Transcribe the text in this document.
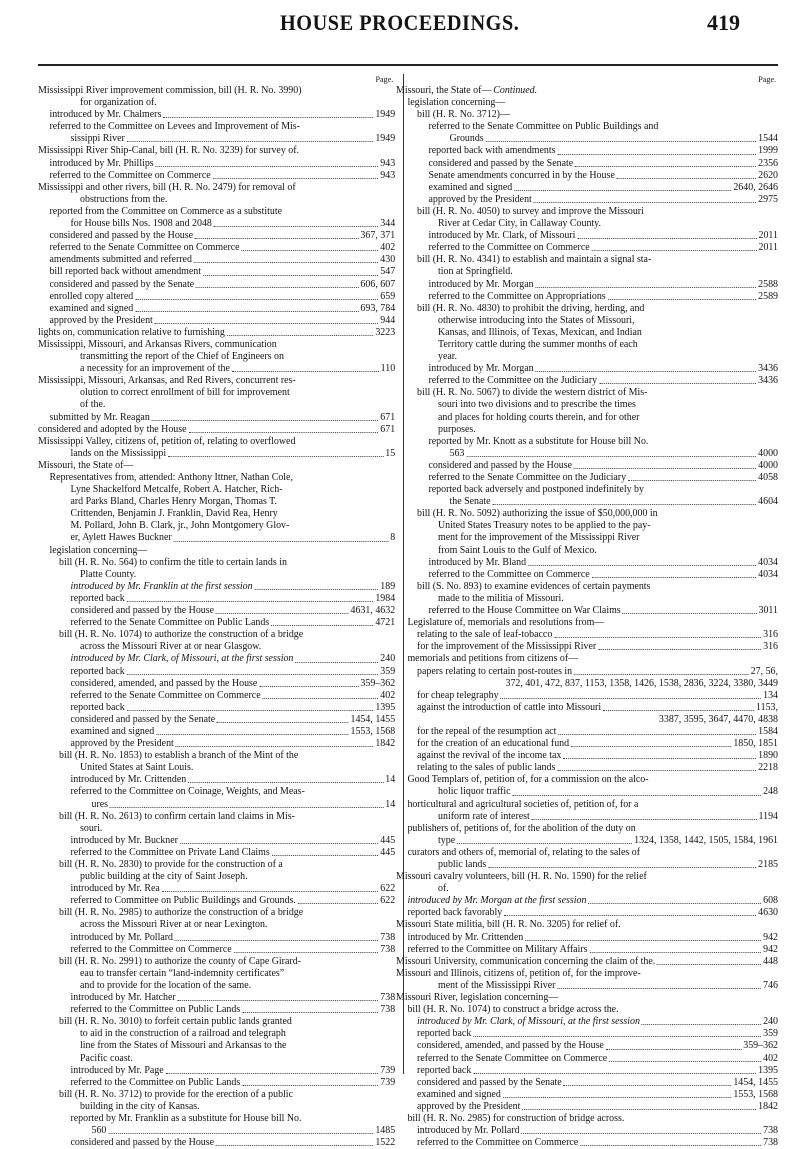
HOUSE PROCEEDINGS.	419
Page.
Mississippi River improvement commission, bill (H. R. No. 3990)
for organization of.
introduced by Mr. Chalmers	1949
referred to the Committee on Levees and Improvement of Mis-
sissippi River	1949
Mississippi River Ship-Canal, bill (H. R. No. 3239) for survey of.
introduced by Mr. Phillips	943
referred to the Committee on Commerce	943
Mississippi and other rivers, bill (H. R. No. 2479) for removal of
obstructions from the.
reported from the Committee on Commerce as a substitute
for House bills Nos. 1908 and 2048	344
considered and passed by the House	367, 371
referred to the Senate Committee on Commerce	402
amendments submitted and referred	430
bill reported back without amendment	547
considered and passed by the Senate	606, 607
enrolled copy altered	659
examined and signed	693, 784
approved by the President	944
lights on, communication relative to furnishing	3223
Mississippi, Missouri, and Arkansas Rivers, communication
transmitting the report of the Chief of Engineers on
a necessity for an improvement of the	110
Mississippi, Missouri, Arkansas, and Red Rivers, concurrent res-
olution to correct enrollment of bill for improvement
of the.
submitted by Mr. Reagan	671
considered and adopted by the House	671
Mississippi Valley, citizens of, petition of, relating to overflowed
lands on the Mississippi	15
Missouri, the State of—
Representatives from, attended: Anthony Ittner, Nathan Cole,
Lyne Shackelford Metcalfe, Robert A. Hatcher, Rich-
ard Parks Bland, Charles Henry Morgan, Thomas T.
Crittenden, Benjamin J. Franklin, David Rea, Henry
M. Pollard, John B. Clark, jr., John Montgomery Glov-
er, Aylett Hawes Buckner	8
legislation concerning—
bill (H. R. No. 564) to confirm the title to certain lands in
Platte County.
introduced by Mr. Franklin at the first session	189
reported back	1984
considered and passed by the House	4631, 4632
referred to the Senate Committee on Public Lands	4721
bill (H. R. No. 1074) to authorize the construction of a bridge
across the Missouri River at or near Glasgow.
introduced by Mr. Clark, of Missouri, at the first session	240
reported back	359
considered, amended, and passed by the House	359–362
referred to the Senate Committee on Commerce	402
reported back	1395
considered and passed by the Senate	1454, 1455
examined and signed	1553, 1568
approved by the President	1842
bill (H. R. No. 1853) to establish a branch of the Mint of the
United States at Saint Louis.
introduced by Mr. Crittenden	14
referred to the Committee on Coinage, Weights, and Meas-
ures	14
bill (H. R. No. 2613) to confirm certain land claims in Mis-
souri.
introduced by Mr. Buckner	445
referred to the Committee on Private Land Claims	445
bill (H. R. No. 2830) to provide for the construction of a
public building at the city of Saint Joseph.
introduced by Mr. Rea	622
referred to Committee on Public Buildings and Grounds.	622
bill (H. R. No. 2985) to authorize the construction of a bridge
across the Missouri River at or near Lexington.
introduced by Mr. Pollard	738
referred to the Committee on Commerce	738
bill (H. R. No. 2991) to authorize the county of Cape Girard-
eau to transfer certain “land-indemnity certificates”
and to provide for the location of the same.
introduced by Mr. Hatcher	738
referred to the Committee on Public Lands	738
bill (H. R. No. 3010) to forfeit certain public lands granted
to aid in the construction of a railroad and telegraph
line from the States of Missouri and Arkansas to the
Pacific coast.
introduced by Mr. Page	739
referred to the Committee on Public Lands	739
bill (H. R. No. 3712) to provide for the erection of a public
building in the city of Kansas.
reported by Mr. Franklin as a substitute for House bill No.
560	1485
considered and passed by the House	1522
Page.
Missouri, the State of— Continued.
legislation concerning—
bill (H. R. No. 3712)—
referred to the Senate Committee on Public Buildings and
Grounds	1544
reported back with amendments	1999
considered and passed by the Senate	2356
Senate amendments concurred in by the House	2620
examined and signed	2640, 2646
approved by the President	2975
bill (H. R. No. 4050) to survey and improve the Missouri
River at Cedar City, in Callaway County.
introduced by Mr. Clark, of Missouri	2011
referred to the Committee on Commerce	2011
bill (H. R. No. 4341) to establish and maintain a signal sta-
tion at Springfield.
introduced by Mr. Morgan	2588
referred to the Committee on Appropriations	2589
bill (H. R. No. 4830) to prohibit the driving, herding, and
otherwise introducing into the States of Missouri,
Kansas, and Illinois, of Texas, Mexican, and Indian
Territory cattle during the summer months of each
year.
introduced by Mr. Morgan	3436
referred to the Committee on the Judiciary	3436
bill (H. R. No. 5067) to divide the western district of Mis-
souri into two divisions and to prescribe the times
and places for holding courts therein, and for other
purposes.
reported by Mr. Knott as a substitute for House bill No.
563	4000
considered and passed by the House	4000
referred to the Senate Committee on the Judiciary	4058
reported back adversely and postponed indefinitely by
the Senate	4604
bill (H. R. No. 5092) authorizing the issue of $50,000,000 in
United States Treasury notes to be applied to the pay-
ment for the improvement of the Mississippi River
from Saint Louis to the Gulf of Mexico.
introduced by Mr. Bland	4034
referred to the Committee on Commerce	4034
bill (S. No. 893) to examine evidences of certain payments
made to the militia of Missouri.
referred to the House Committee on War Claims	3011
Legislature of, memorials and resolutions from—
relating to the sale of leaf-tobacco	316
for the improvement of the Mississippi River	316
memorials and petitions from citizens of—
papers relating to certain post-routes in	27, 56,
372, 401, 472, 837, 1153, 1358, 1426, 1538, 2836, 3224, 3380, 3449
for cheap telegraphy	134
against the introduction of cattle into Missouri	1153,
3387, 3595, 3647, 4470, 4838
for the repeal of the resumption act	1584
for the creation of an educational fund	1850, 1851
against the revival of the income tax	1890
relating to the sales of public lands	2218
Good Templars of, petition of, for a commission on the alco-
holic liquor traffic	248
horticultural and agricultural societies of, petition of, for a
uniform rate of interest	1194
publishers of, petitions of, for the abolition of the duty on
type	1324, 1358, 1442, 1505, 1584, 1961
curators and others of, memorial of, relating to the sales of
public lands	2185
Missouri cavalry volunteers, bill (H. R. No. 1590) for the relief
of.
introduced by Mr. Morgan at the first session	608
reported back favorably	4630
Missouri State militia, bill (H. R. No. 3205) for relief of.
introduced by Mr. Crittenden	942
referred to the Committee on Military Affairs	942
Missouri University, communication concerning the claim of the.	448
Missouri and Illinois, citizens of, petition of, for the improve-
ment of the Mississippi River	746
Missouri River, legislation concerning—
bill (H. R. No. 1074) to construct a bridge across the.
introduced by Mr. Clark, of Missouri, at the first session	240
reported back	359
considered, amended, and passed by the House	359–362
referred to the Senate Committee on Commerce	402
reported back	1395
considered and passed by the Senate	1454, 1455
examined and signed	1553, 1568
approved by the President	1842
bill (H. R. No. 2985) for construction of bridge across.
introduced by Mr. Pollard	738
referred to the Committee on Commerce	738
